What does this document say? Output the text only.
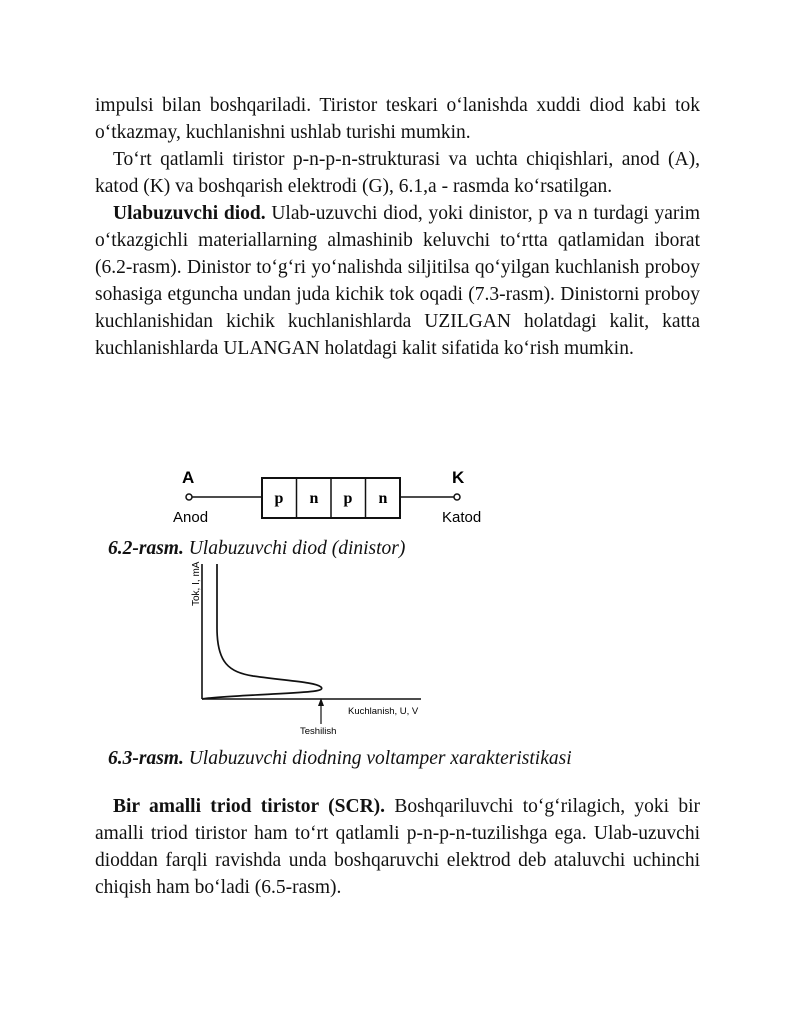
impulsi bilan boshqariladi. Tiristor teskari o‘lanishda xuddi diod kabi tok o‘tkazmay, kuchlanishni ushlab turishi mumkin.

To‘rt qatlamli tiristor p-n-p-n-strukturasi va uchta chiqishlari, anod (A), katod (K) va boshqarish elektrodi (G), 6.1,a - rasmda ko‘rsatilgan.

Ulabuzuvchi diod. Ulab-uzuvchi diod, yoki dinistor, p va n turdagi yarim o‘tkazgichli materiallarning almashinib keluvchi to‘rtta qatlamidan iborat (6.2-rasm). Dinistor to‘g‘ri yo‘nalishda siljitilsa qo‘yilgan kuchlanish proboy sohasiga etguncha undan juda kichik tok oqadi (7.3-rasm). Dinistorni proboy kuchlanishidan kichik kuchlanishlarda UZILGAN holatdagi kalit, katta kuchlanishlarda ULANGAN holatdagi kalit sifatida ko‘rish mumkin.

A	K
p n p n
Anod	Katod
6.2-rasm. Ulabuzuvchi diod (dinistor)
Tok, I, mA
Kuchlanish, U, V
Teshilish
6.3-rasm. Ulabuzuvchi diodning voltamper xarakteristikasi

Bir amalli triod tiristor (SCR). Boshqariluvchi to‘g‘rilagich, yoki bir amalli triod tiristor ham to‘rt qatlamli p-n-p-n-tuzilishga ega. Ulab-uzuvchi dioddan farqli ravishda unda boshqaruvchi elektrod deb ataluvchi uchinchi chiqish ham bo‘ladi (6.5-rasm).
